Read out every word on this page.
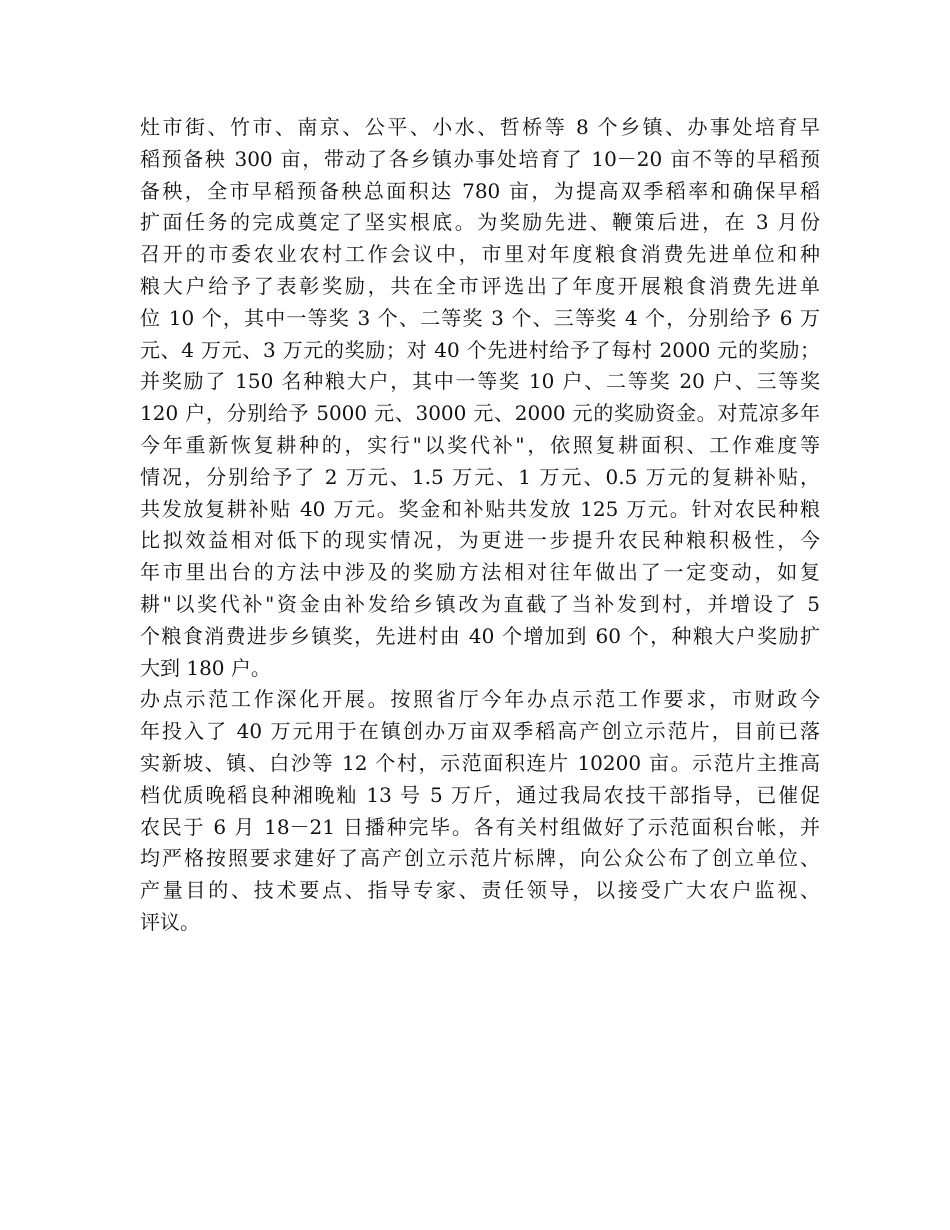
灶市街、竹市、南京、公平、小水、哲桥等 8 个乡镇、办事处培育早
稻预备秧 300 亩，带动了各乡镇办事处培育了 10－20 亩不等的早稻预
备秧，全市早稻预备秧总面积达 780 亩，为提高双季稻率和确保早稻
扩面任务的完成奠定了坚实根底。为奖励先进、鞭策后进，在 3 月份
召开的市委农业农村工作会议中，市里对年度粮食消费先进单位和种
粮大户给予了表彰奖励，共在全市评选出了年度开展粮食消费先进单
位 10 个，其中一等奖 3 个、二等奖 3 个、三等奖 4 个，分别给予 6 万
元、4 万元、3 万元的奖励；对 40 个先进村给予了每村 2000 元的奖励；
并奖励了 150 名种粮大户，其中一等奖 10 户、二等奖 20 户、三等奖
120 户，分别给予 5000 元、3000 元、2000 元的奖励资金。对荒凉多年
今年重新恢复耕种的，实行"以奖代补"，依照复耕面积、工作难度等
情况，分别给予了 2 万元、1.5 万元、1 万元、0.5 万元的复耕补贴，
共发放复耕补贴 40 万元。奖金和补贴共发放 125 万元。针对农民种粮
比拟效益相对低下的现实情况，为更进一步提升农民种粮积极性，今
年市里出台的方法中涉及的奖励方法相对往年做出了一定变动，如复
耕"以奖代补"资金由补发给乡镇改为直截了当补发到村，并增设了 5
个粮食消费进步乡镇奖，先进村由 40 个增加到 60 个，种粮大户奖励扩
大到 180 户。
办点示范工作深化开展。按照省厅今年办点示范工作要求，市财政今
年投入了 40 万元用于在镇创办万亩双季稻高产创立示范片，目前已落
实新坡、镇、白沙等 12 个村，示范面积连片 10200 亩。示范片主推高
档优质晚稻良种湘晚籼 13 号 5 万斤，通过我局农技干部指导，已催促
农民于 6 月 18－21 日播种完毕。各有关村组做好了示范面积台帐，并
均严格按照要求建好了高产创立示范片标牌，向公众公布了创立单位、
产量目的、技术要点、指导专家、责任领导，以接受广大农户监视、
评议。
